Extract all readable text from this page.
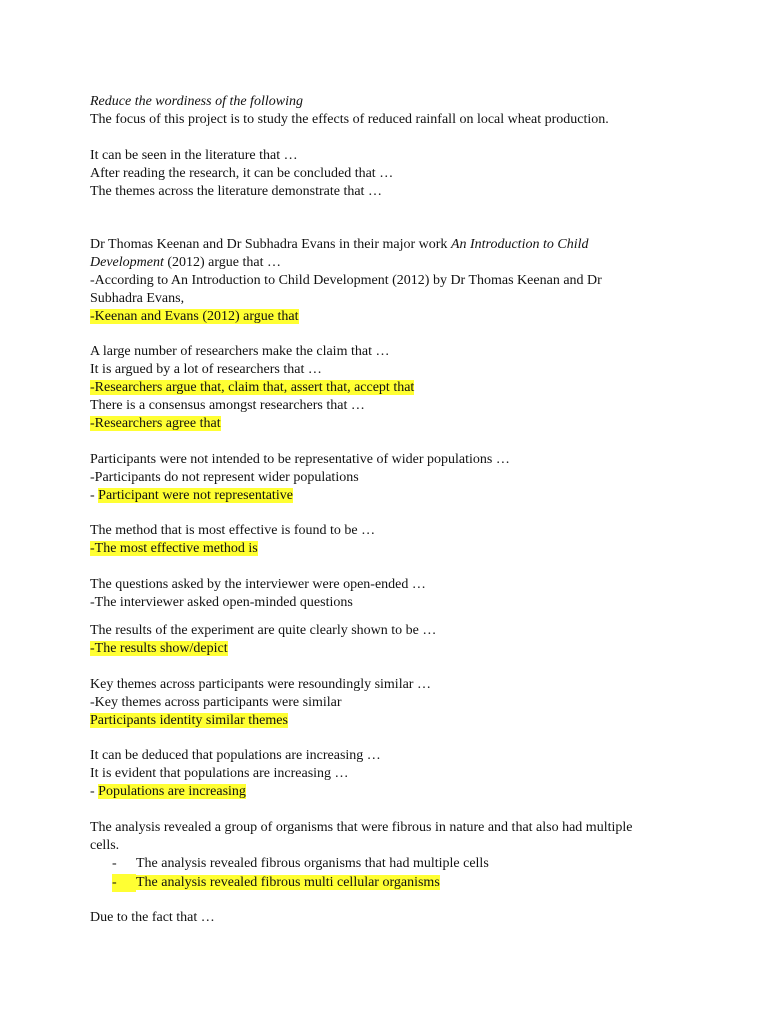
Reduce the wordiness of the following
The focus of this project is to study the effects of reduced rainfall on local wheat production.
It can be seen in the literature that …
After reading the research, it can be concluded that …
The themes across the literature demonstrate that …
Dr Thomas Keenan and Dr Subhadra Evans in their major work An Introduction to Child
Development (2012) argue that …
-According to An Introduction to Child Development (2012) by Dr Thomas Keenan and Dr
Subhadra Evans,
-Keenan and Evans (2012) argue that
A large number of researchers make the claim that …
It is argued by a lot of researchers that …
-Researchers argue that, claim that, assert that, accept that
There is a consensus amongst researchers that …
-Researchers agree that
Participants were not intended to be representative of wider populations …
-Participants do not represent wider populations
- Participant were not representative
The method that is most effective is found to be …
-The most effective method is
The questions asked by the interviewer were open-ended …
-The interviewer asked open-minded questions
The results of the experiment are quite clearly shown to be …
-The results show/depict
Key themes across participants were resoundingly similar …
-Key themes across participants were similar
Participants identity similar themes
It can be deduced that populations are increasing …
It is evident that populations are increasing …
- Populations are increasing
The analysis revealed a group of organisms that were fibrous in nature and that also had multiple
cells.
- The analysis revealed fibrous organisms that had multiple cells
-	The analysis revealed fibrous multi cellular organisms
Due to the fact that …
